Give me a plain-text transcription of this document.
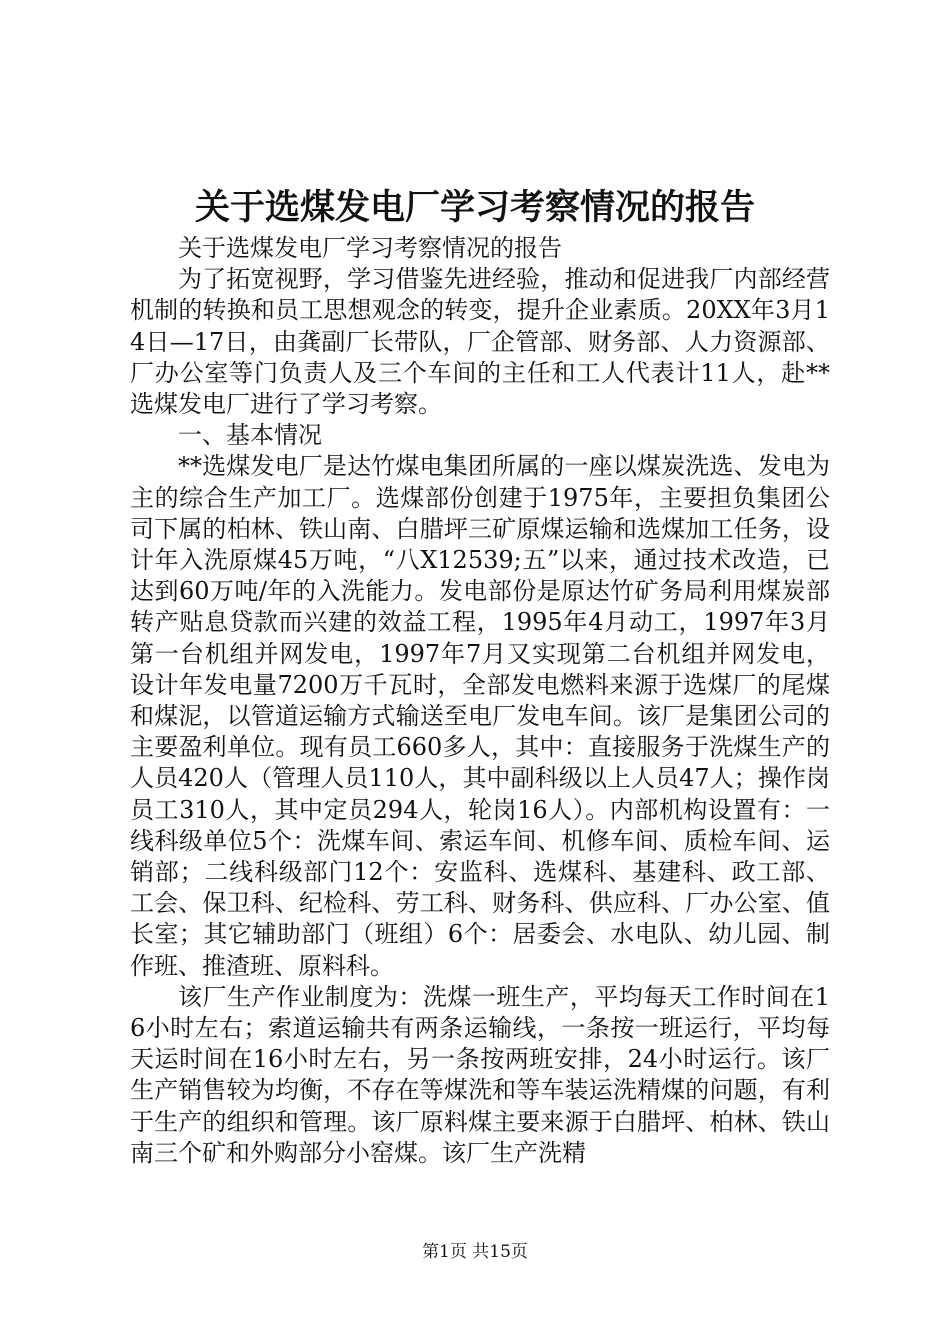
关于选煤发电厂学习考察情况的报告

关于选煤发电厂学习考察情况的报告

为了拓宽视野，学习借鉴先进经验，推动和促进我厂内部经营机制的转换和员工思想观念的转变，提升企业素质。20XX年3月14日—17日，由龚副厂长带队，厂企管部、财务部、人力资源部、厂办公室等门负责人及三个车间的主任和工人代表计11人，赴**选煤发电厂进行了学习考察。

一、基本情况

**选煤发电厂是达竹煤电集团所属的一座以煤炭洗选、发电为主的综合生产加工厂。选煤部份创建于1975年，主要担负集团公司下属的柏林、铁山南、白腊坪三矿原煤运输和选煤加工任务，设计年入洗原煤45万吨，“八X12539;五”以来，通过技术改造，已达到60万吨/年的入洗能力。发电部份是原达竹矿务局利用煤炭部转产贴息贷款而兴建的效益工程，1995年4月动工，1997年3月第一台机组并网发电，1997年7月又实现第二台机组并网发电，设计年发电量7200万千瓦时，全部发电燃料来源于选煤厂的尾煤和煤泥，以管道运输方式输送至电厂发电车间。该厂是集团公司的主要盈利单位。现有员工660多人，其中：直接服务于洗煤生产的人员420人（管理人员110人，其中副科级以上人员47人；操作岗员工310人，其中定员294人，轮岗16人）。内部机构设置有：一线科级单位5个：洗煤车间、索运车间、机修车间、质检车间、运销部；二线科级部门12个：安监科、选煤科、基建科、政工部、工会、保卫科、纪检科、劳工科、财务科、供应科、厂办公室、值长室；其它辅助部门（班组）6个：居委会、水电队、幼儿园、制作班、推渣班、原料科。

该厂生产作业制度为：洗煤一班生产，平均每天工作时间在16小时左右；索道运输共有两条运输线，一条按一班运行，平均每天运时间在16小时左右，另一条按两班安排，24小时运行。该厂生产销售较为均衡，不存在等煤洗和等车装运洗精煤的问题，有利于生产的组织和管理。该厂原料煤主要来源于白腊坪、柏林、铁山南三个矿和外购部分小窑煤。该厂生产洗精

第1页 共15页
